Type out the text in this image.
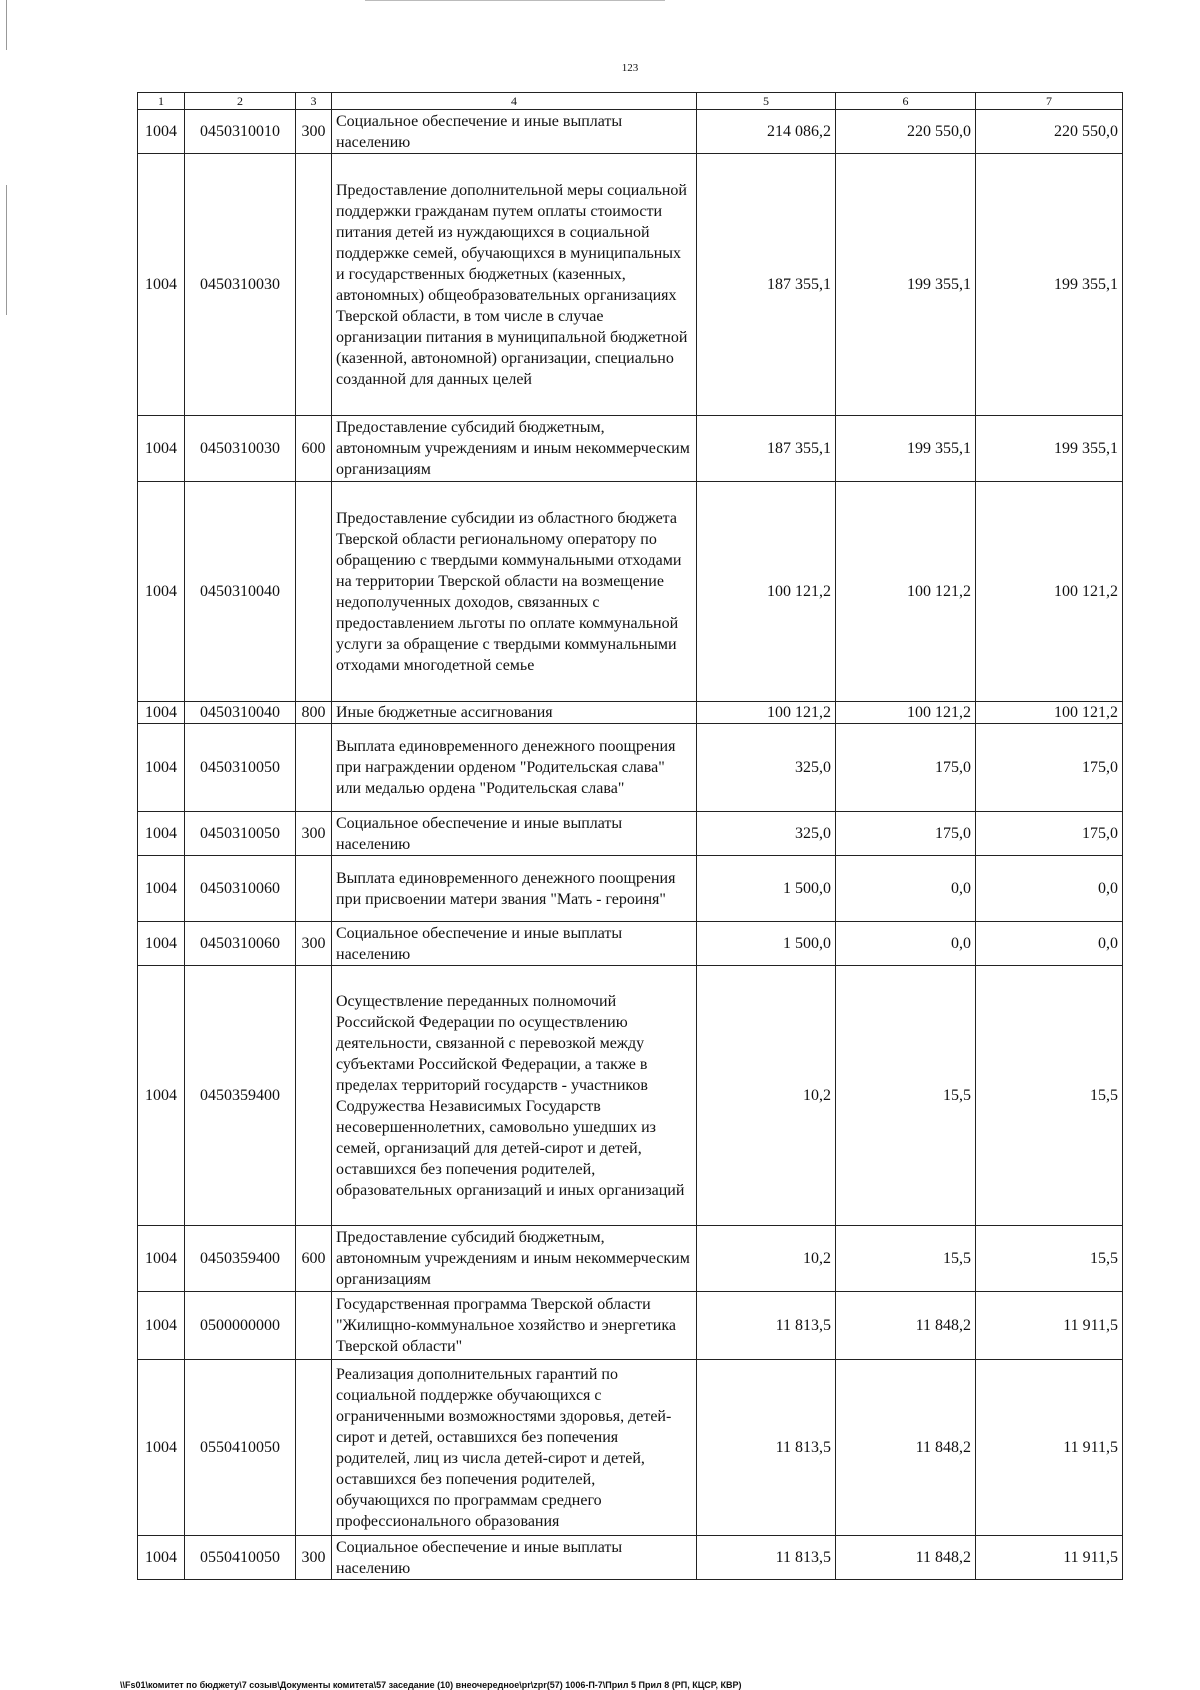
123
1	2	3	4	5	6	7
1004	0450310010	300	Социальное обеспечение и иные выплаты населению	214 086,2	220 550,0	220 550,0
1004	0450310030		Предоставление дополнительной меры социальной поддержки гражданам путем оплаты стоимости питания детей из нуждающихся в социальной поддержке семей, обучающихся в муниципальных и государственных бюджетных (казенных, автономных) общеобразовательных организациях Тверской области, в том числе в случае организации питания в муниципальной бюджетной (казенной, автономной) организации, специально созданной для данных целей	187 355,1	199 355,1	199 355,1
1004	0450310030	600	Предоставление субсидий бюджетным, автономным учреждениям и иным некоммерческим организациям	187 355,1	199 355,1	199 355,1
1004	0450310040		Предоставление субсидии из областного бюджета Тверской области региональному оператору по обращению с твердыми коммунальными отходами на территории Тверской области на возмещение недополученных доходов, связанных с предоставлением льготы по оплате коммунальной услуги за обращение с твердыми коммунальными отходами многодетной семье	100 121,2	100 121,2	100 121,2
1004	0450310040	800	Иные бюджетные ассигнования	100 121,2	100 121,2	100 121,2
1004	0450310050		Выплата единовременного денежного поощрения при награждении орденом "Родительская слава" или медалью ордена "Родительская слава"	325,0	175,0	175,0
1004	0450310050	300	Социальное обеспечение и иные выплаты населению	325,0	175,0	175,0
1004	0450310060		Выплата единовременного денежного поощрения при присвоении матери звания "Мать - героиня"	1 500,0	0,0	0,0
1004	0450310060	300	Социальное обеспечение и иные выплаты населению	1 500,0	0,0	0,0
1004	0450359400		Осуществление переданных полномочий Российской Федерации по осуществлению деятельности, связанной с перевозкой между субъектами Российской Федерации, а также в пределах территорий государств - участников Содружества Независимых Государств несовершеннолетних, самовольно ушедших из семей, организаций для детей-сирот и детей, оставшихся без попечения родителей, образовательных организаций и иных организаций	10,2	15,5	15,5
1004	0450359400	600	Предоставление субсидий бюджетным, автономным учреждениям и иным некоммерческим организациям	10,2	15,5	15,5
1004	0500000000		Государственная программа Тверской области "Жилищно-коммунальное хозяйство и энергетика Тверской области"	11 813,5	11 848,2	11 911,5
1004	0550410050		Реализация дополнительных гарантий по социальной поддержке обучающихся с ограниченными возможностями здоровья, детей-сирот и детей, оставшихся без попечения родителей, лиц из числа детей-сирот и детей, оставшихся без попечения родителей, обучающихся по программам среднего профессионального образования	11 813,5	11 848,2	11 911,5
1004	0550410050	300	Социальное обеспечение и иные выплаты населению	11 813,5	11 848,2	11 911,5
\\Fs01\комитет по бюджету\7 созыв\Документы комитета\57 заседание (10) внеочередное\pr\zpr(57) 1006-П-7\Прил 5 Прил 8 (РП, КЦСР, КВР)
